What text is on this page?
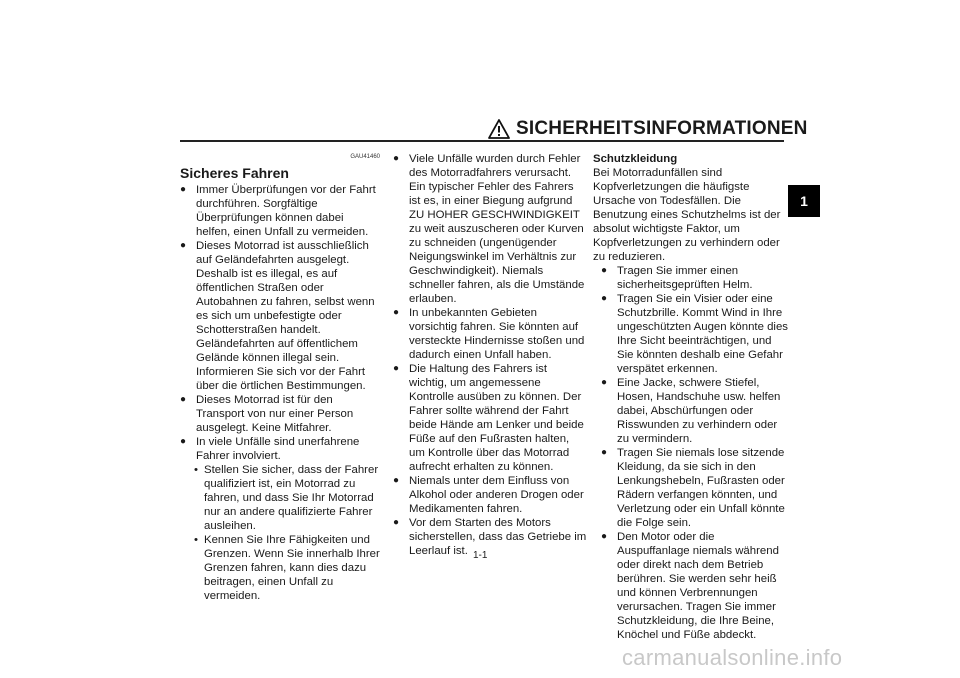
SICHERHEITSINFORMATIONEN
1
GAU41460
Sicheres Fahren

● Immer Überprüfungen vor der Fahrt durchführen. Sorgfältige Überprüfungen können dabei helfen, einen Unfall zu vermeiden.

● Dieses Motorrad ist ausschließlich auf Geländefahrten ausgelegt. Deshalb ist es illegal, es auf öffentlichen Straßen oder Autobahnen zu fahren, selbst wenn es sich um unbefestigte oder Schotterstraßen handelt. Geländefahrten auf öffentlichem Gelände können illegal sein. Informieren Sie sich vor der Fahrt über die örtlichen Bestimmungen.

● Dieses Motorrad ist für den Transport von nur einer Person ausgelegt. Keine Mitfahrer.

● In viele Unfälle sind unerfahrene Fahrer involviert.

• Stellen Sie sicher, dass der Fahrer qualifiziert ist, ein Motorrad zu fahren, und dass Sie Ihr Motorrad nur an andere qualifizierte Fahrer ausleihen.

• Kennen Sie Ihre Fähigkeiten und Grenzen. Wenn Sie innerhalb Ihrer Grenzen fahren, kann dies dazu beitragen, einen Unfall zu vermeiden.

● Viele Unfälle wurden durch Fehler des Motorradfahrers verursacht. Ein typischer Fehler des Fahrers ist es, in einer Biegung aufgrund ZU HOHER GESCHWINDIGKEIT zu weit auszuscheren oder Kurven zu schneiden (ungenügender Neigungswinkel im Verhältnis zur Geschwindigkeit). Niemals schneller fahren, als die Umstände erlauben.

● In unbekannten Gebieten vorsichtig fahren. Sie könnten auf versteckte Hindernisse stoßen und dadurch einen Unfall haben.

● Die Haltung des Fahrers ist wichtig, um angemessene Kontrolle ausüben zu können. Der Fahrer sollte während der Fahrt beide Hände am Lenker und beide Füße auf den Fußrasten halten, um Kontrolle über das Motorrad aufrecht erhalten zu können.

● Niemals unter dem Einfluss von Alkohol oder anderen Drogen oder Medikamenten fahren.

● Vor dem Starten des Motors sicherstellen, dass das Getriebe im Leerlauf ist.

Schutzkleidung

Bei Motorradunfällen sind Kopfverletzungen die häufigste Ursache von Todesfällen. Die Benutzung eines Schutzhelms ist der absolut wichtigste Faktor, um Kopfverletzungen zu verhindern oder zu reduzieren.

● Tragen Sie immer einen sicherheitsgeprüften Helm.

● Tragen Sie ein Visier oder eine Schutzbrille. Kommt Wind in Ihre ungeschützten Augen könnte dies Ihre Sicht beeinträchtigen, und Sie könnten deshalb eine Gefahr verspätet erkennen.

● Eine Jacke, schwere Stiefel, Hosen, Handschuhe usw. helfen dabei, Abschürfungen oder Risswunden zu verhindern oder zu vermindern.

● Tragen Sie niemals lose sitzende Kleidung, da sie sich in den Lenkungshebeln, Fußrasten oder Rädern verfangen könnten, und Verletzung oder ein Unfall könnte die Folge sein.

● Den Motor oder die Auspuffanlage niemals während oder direkt nach dem Betrieb berühren. Sie werden sehr heiß und können Verbrennungen verursachen. Tragen Sie immer Schutzkleidung, die Ihre Beine, Knöchel und Füße abdeckt.

1-1
carmanualsonline.info
